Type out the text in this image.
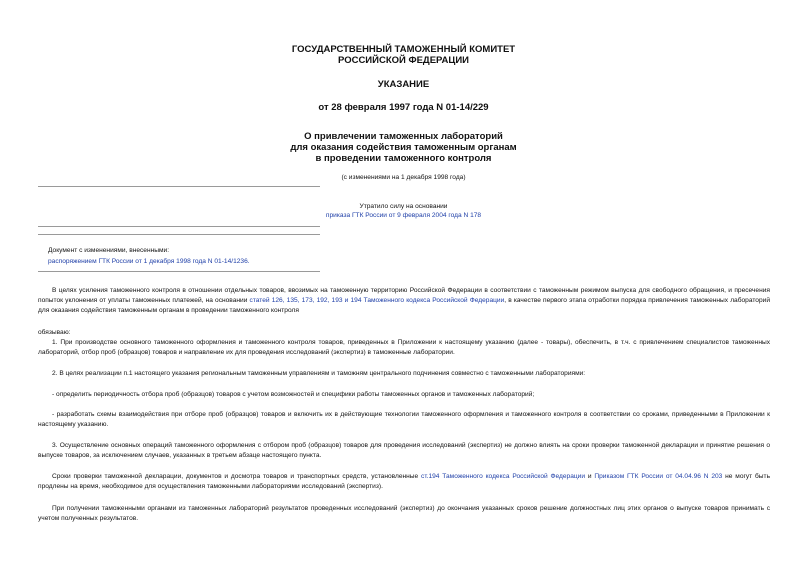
ГОСУДАРСТВЕННЫЙ ТАМОЖЕННЫЙ КОМИТЕТ
РОССИЙСКОЙ ФЕДЕРАЦИИ
УКАЗАНИЕ
от 28 февраля 1997 года N 01-14/229
О привлечении таможенных лабораторий
для оказания содействия таможенным органам
в проведении таможенного контроля
(с изменениями на 1 декабря 1998 года)
Утратило силу на основании
приказа ГТК России от 9 февраля 2004 года N 178
Документ с изменениями, внесенными:
распоряжением ГТК России от 1 декабря 1998 года N 01-14/1236.
В целях усиления таможенного контроля в отношении отдельных товаров, ввозимых на таможенную территорию Российской Федерации в соответствии с таможенным режимом выпуска для свободного обращения, и пресечения попыток уклонения от уплаты таможенных платежей, на основании статей 126, 135, 173, 192, 193 и 194 Таможенного кодекса Российской Федерации, в качестве первого этапа отработки порядка привлечения таможенных лабораторий для оказания содействия таможенным органам в проведении таможенного контроля
обязываю:
1. При производстве основного таможенного оформления и таможенного контроля товаров, приведенных в Приложении к настоящему указанию (далее - товары), обеспечить, в т.ч. с привлечением специалистов таможенных лабораторий, отбор проб (образцов) товаров и направление их для проведения исследований (экспертиз) в таможенные лаборатории.
2. В целях реализации п.1 настоящего указания региональным таможенным управлениям и таможням центрального подчинения совместно с таможенными лабораториями:
- определить периодичность отбора проб (образцов) товаров с учетом возможностей и специфики работы таможенных органов и таможенных лабораторий;
- разработать схемы взаимодействия при отборе проб (образцов) товаров и включить их в действующие технологии таможенного оформления и таможенного контроля в соответствии со сроками, приведенными в Приложении к настоящему указанию.
3. Осуществление основных операций таможенного оформления с отбором проб (образцов) товаров для проведения исследований (экспертиз) не должно влиять на сроки проверки таможенной декларации и принятие решения о выпуске товаров, за исключением случаев, указанных в третьем абзаце настоящего пункта.
Сроки проверки таможенной декларации, документов и досмотра товаров и транспортных средств, установленные ст.194 Таможенного кодекса Российской Федерации и Приказом ГТК России от 04.04.96 N 203 не могут быть продлены на время, необходимое для осуществления таможенными лабораториями исследований (экспертиз).
При получении таможенными органами из таможенных лабораторий результатов проведенных исследований (экспертиз) до окончания указанных сроков решение должностных лиц этих органов о выпуске товаров принимать с учетом полученных результатов.
